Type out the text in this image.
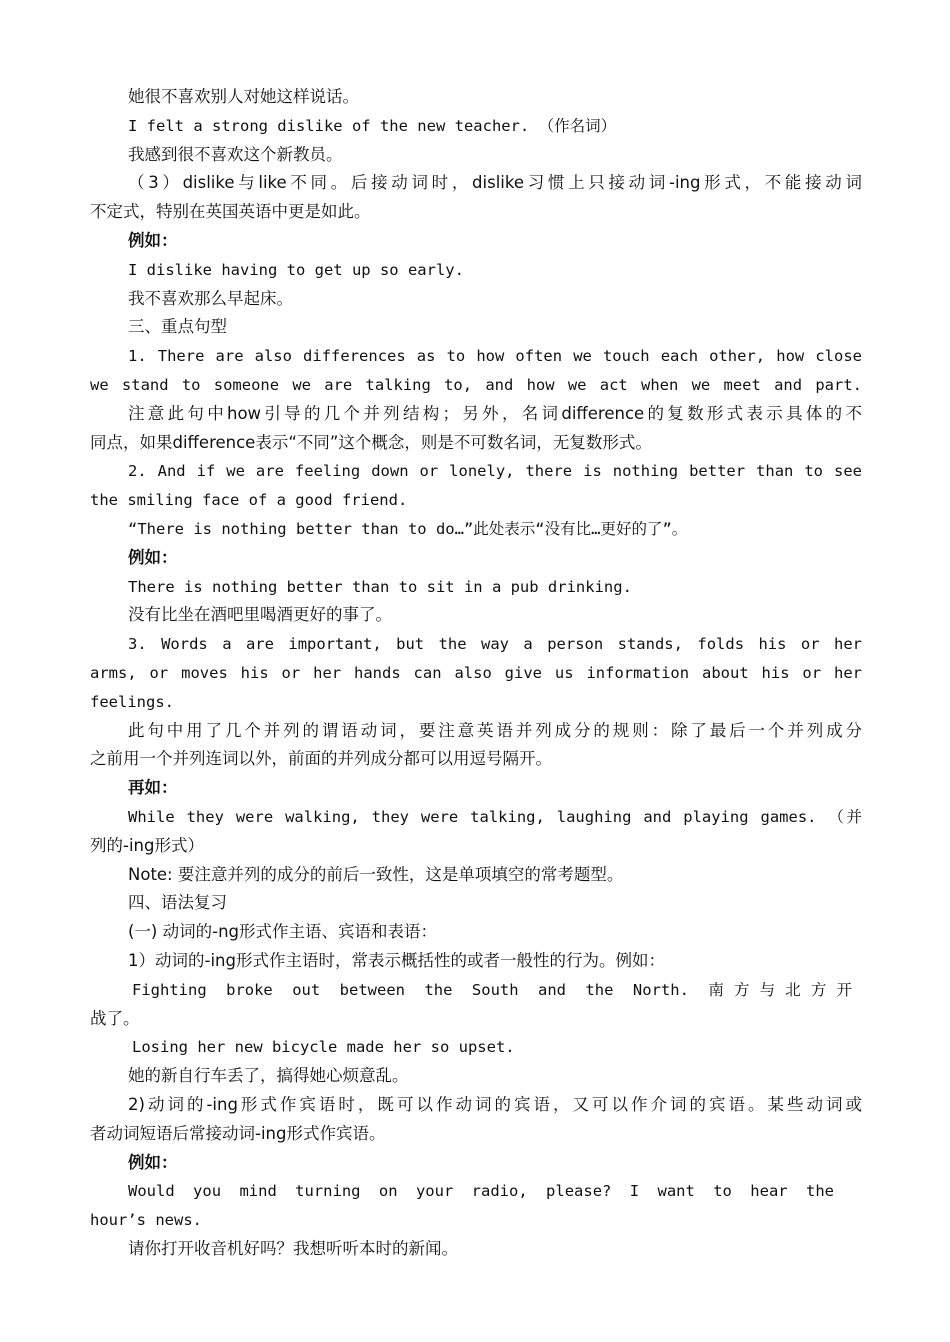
她很不喜欢别人对她这样说话。
I felt a strong dislike of the new teacher. （作名词）
我感到很不喜欢这个新教员。
（3）dislike与like不同。后接动词时，dislike习惯上只接动词-ing形式，不能接动词
不定式，特别在英国英语中更是如此。
例如：
I dislike having to get up so early.
我不喜欢那么早起床。
三、重点句型
1. There are also differences as to how often we touch each other, how close
we stand to someone we are talking to, and how we act when we meet and part.
注意此句中how引导的几个并列结构；另外，名词difference的复数形式表示具体的不
同点，如果difference表示“不同”这个概念，则是不可数名词，无复数形式。
2. And if we are feeling down or lonely, there is nothing better than to see
the smiling face of a good friend.
“There is nothing better than to do…”此处表示“没有比…更好的了”。
例如：
There is nothing better than to sit in a pub drinking.
没有比坐在酒吧里喝酒更好的事了。
3. Words a are important, but the way a person stands, folds his or her
arms, or moves his or her hands can also give us information about his or her
feelings.
此句中用了几个并列的谓语动词，要注意英语并列成分的规则：除了最后一个并列成分
之前用一个并列连词以外，前面的并列成分都可以用逗号隔开。
再如：
While they were walking, they were talking, laughing and playing games. （并
列的-ing形式）
Note: 要注意并列的成分的前后一致性，这是单项填空的常考题型。
四、语法复习
(一) 动词的-ng形式作主语、宾语和表语：
1）动词的-ing形式作主语时，常表示概括性的或者一般性的行为。例如：
Fighting broke out between the South and the North. 南方与北方开
战了。
Losing her new bicycle made her so upset.
她的新自行车丢了，搞得她心烦意乱。
2)动词的-ing形式作宾语时，既可以作动词的宾语，又可以作介词的宾语。某些动词或
者动词短语后常接动词-ing形式作宾语。
例如：
Would you mind turning on your radio, please? I want to hear the
hour’s news.
请你打开收音机好吗？我想听听本时的新闻。
